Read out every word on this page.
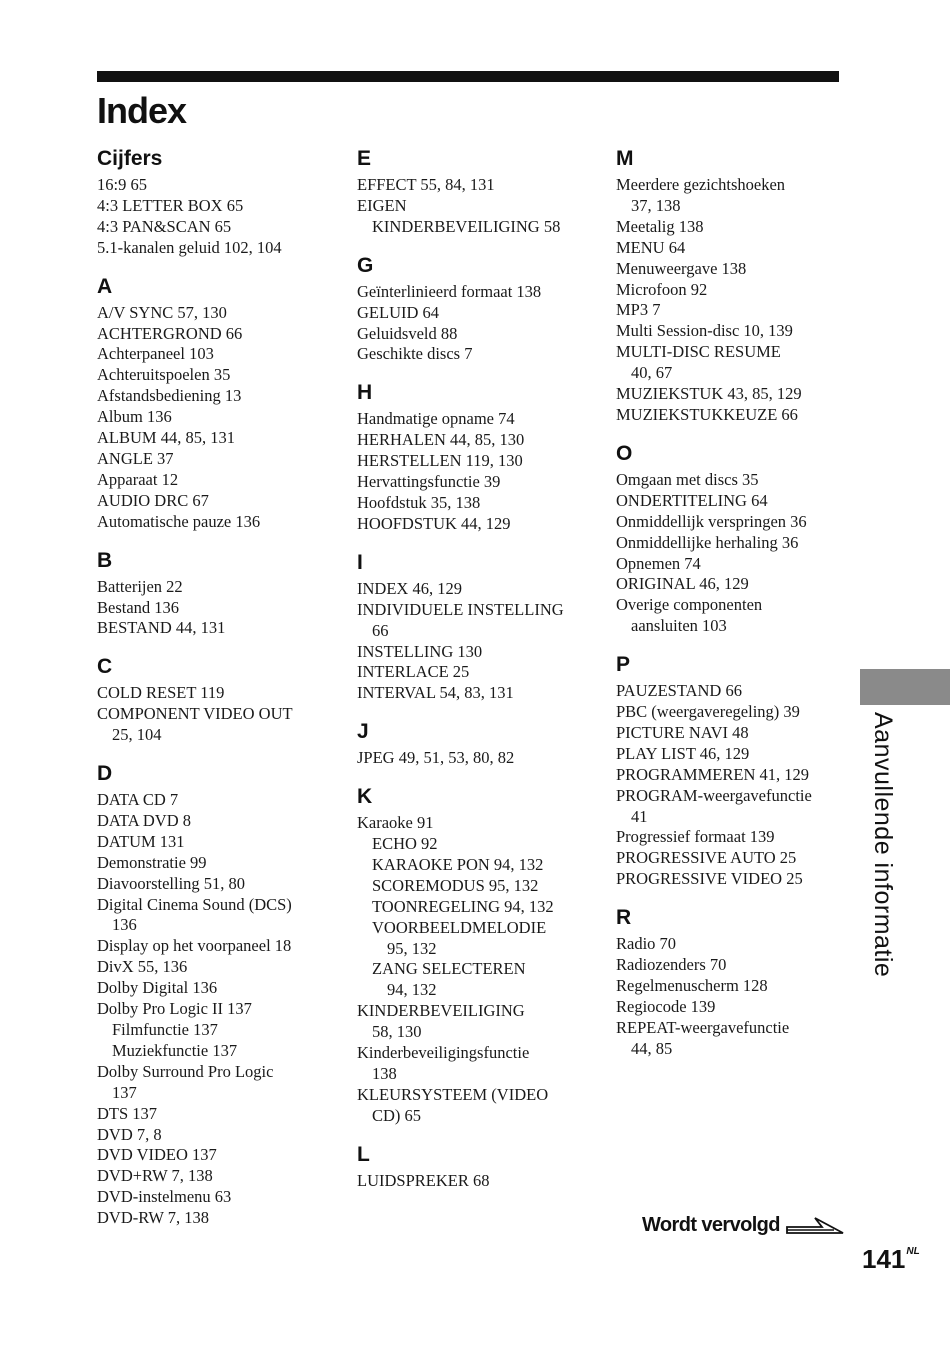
Index
Cijfers
16:9 65
4:3 LETTER BOX 65
4:3 PAN&SCAN 65
5.1-kanalen geluid 102, 104
A
A/V SYNC 57, 130
ACHTERGROND 66
Achterpaneel 103
Achteruitspoelen 35
Afstandsbediening 13
Album 136
ALBUM 44, 85, 131
ANGLE 37
Apparaat 12
AUDIO DRC 67
Automatische pauze 136
B
Batterijen 22
Bestand 136
BESTAND 44, 131
C
COLD RESET 119
COMPONENT VIDEO OUT
25, 104
D
DATA CD 7
DATA DVD 8
DATUM 131
Demonstratie 99
Diavoorstelling 51, 80
Digital Cinema Sound (DCS)
136
Display op het voorpaneel 18
DivX 55, 136
Dolby Digital 136
Dolby Pro Logic II 137
Filmfunctie 137
Muziekfunctie 137
Dolby Surround Pro Logic
137
DTS 137
DVD 7, 8
DVD VIDEO 137
DVD+RW 7, 138
DVD-instelmenu 63
DVD-RW 7, 138
E
EFFECT 55, 84, 131
EIGEN
KINDERBEVEILIGING 58
G
Geïnterlinieerd formaat 138
GELUID 64
Geluidsveld 88
Geschikte discs 7
H
Handmatige opname 74
HERHALEN 44, 85, 130
HERSTELLEN 119, 130
Hervattingsfunctie 39
Hoofdstuk 35, 138
HOOFDSTUK 44, 129
I
INDEX 46, 129
INDIVIDUELE INSTELLING
66
INSTELLING 130
INTERLACE 25
INTERVAL 54, 83, 131
J
JPEG 49, 51, 53, 80, 82
K
Karaoke 91
ECHO 92
KARAOKE PON 94, 132
SCOREMODUS 95, 132
TOONREGELING 94, 132
VOORBEELDMELODIE
95, 132
ZANG SELECTEREN
94, 132
KINDERBEVEILIGING
58, 130
Kinderbeveiligingsfunctie
138
KLEURSYSTEEM (VIDEO
CD) 65
L
LUIDSPREKER 68
M
Meerdere gezichtshoeken
37, 138
Meetalig 138
MENU 64
Menuweergave 138
Microfoon 92
MP3 7
Multi Session-disc 10, 139
MULTI-DISC RESUME
40, 67
MUZIEKSTUK 43, 85, 129
MUZIEKSTUKKEUZE 66
O
Omgaan met discs 35
ONDERTITELING 64
Onmiddellijk verspringen 36
Onmiddellijke herhaling 36
Opnemen 74
ORIGINAL 46, 129
Overige componenten
aansluiten 103
P
PAUZESTAND 66
PBC (weergaveregeling) 39
PICTURE NAVI 48
PLAY LIST 46, 129
PROGRAMMEREN 41, 129
PROGRAM-weergavefunctie
41
Progressief formaat 139
PROGRESSIVE AUTO 25
PROGRESSIVE VIDEO 25
R
Radio 70
Radiozenders 70
Regelmenuscherm 128
Regiocode 139
REPEAT-weergavefunctie
44, 85
Aanvullende informatie
Wordt vervolgd
$141^{NL}$
